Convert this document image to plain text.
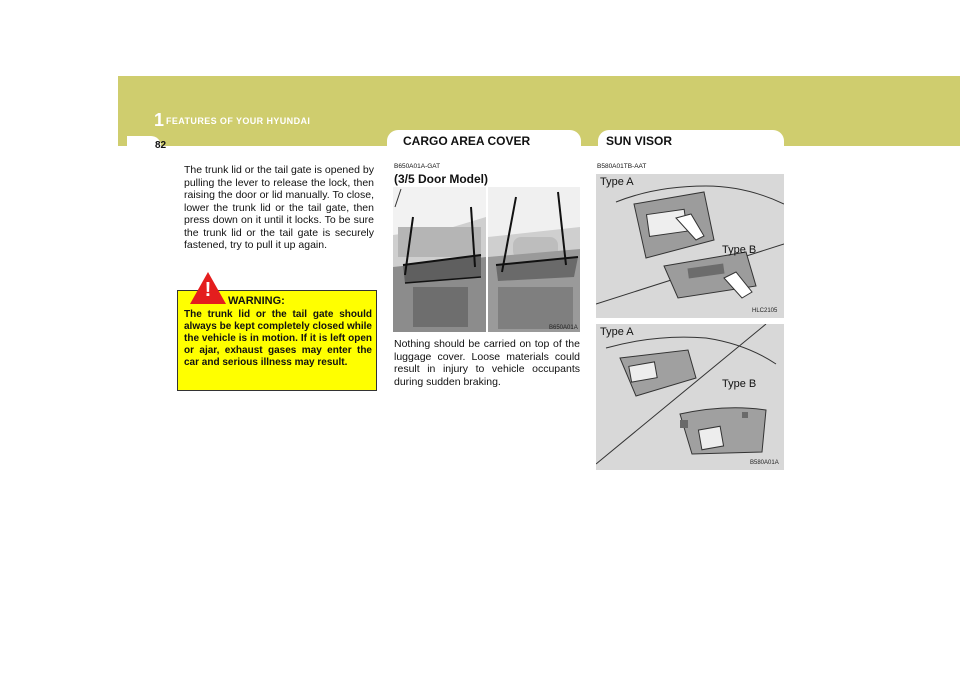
1 FEATURES OF YOUR HYUNDAI
82	CARGO AREA COVER	SUN VISOR
The trunk lid or the tail gate is opened by pulling the lever to release the lock, then raising the door or lid manually. To close, lower the trunk lid or the tail gate, then press down on it until it locks. To be sure the trunk lid or the tail gate is securely fastened, try to pull it up again.
WARNING:
The trunk lid or the tail gate should always be kept completely closed while the vehicle is in motion. If it is left open or ajar, exhaust gases may enter the car and serious illness may result.
!
B650A01A-GAT
(3/5 Door Model)
B650A01A
Nothing should be carried on top of the luggage cover. Loose materials could result in injury to vehicle occupants during sudden braking.
B580A01TB-AAT
Type A
Type B
HLC2105
Type A
Type B
B580A01A
